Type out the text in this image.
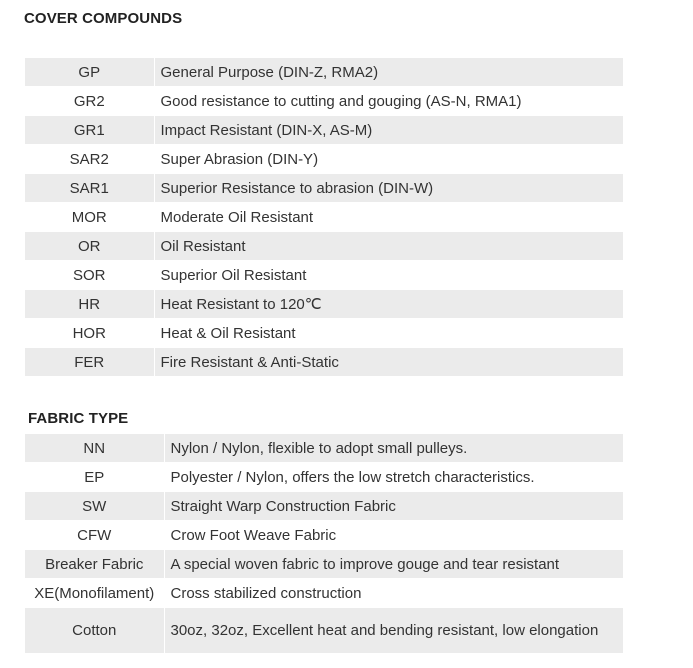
COVER COMPOUNDS
GP	General Purpose (DIN-Z, RMA2)
GR2	Good resistance to cutting and gouging (AS-N, RMA1)
GR1	Impact Resistant (DIN-X, AS-M)
SAR2	Super Abrasion (DIN-Y)
SAR1	Superior Resistance to abrasion (DIN-W)
MOR	Moderate Oil Resistant
OR	Oil Resistant
SOR	Superior Oil Resistant
HR	Heat Resistant to 120℃
HOR	Heat & Oil Resistant
FER	Fire Resistant & Anti-Static
FABRIC TYPE
NN	Nylon / Nylon, flexible to adopt small pulleys.
EP	Polyester / Nylon, offers the low stretch characteristics.
SW	Straight Warp Construction Fabric
CFW	Crow Foot Weave Fabric
Breaker Fabric	A special woven fabric to improve gouge and tear resistant
XE(Monofilament)	Cross stabilized construction
Cotton	30oz, 32oz, Excellent heat and bending resistant, low elongation
